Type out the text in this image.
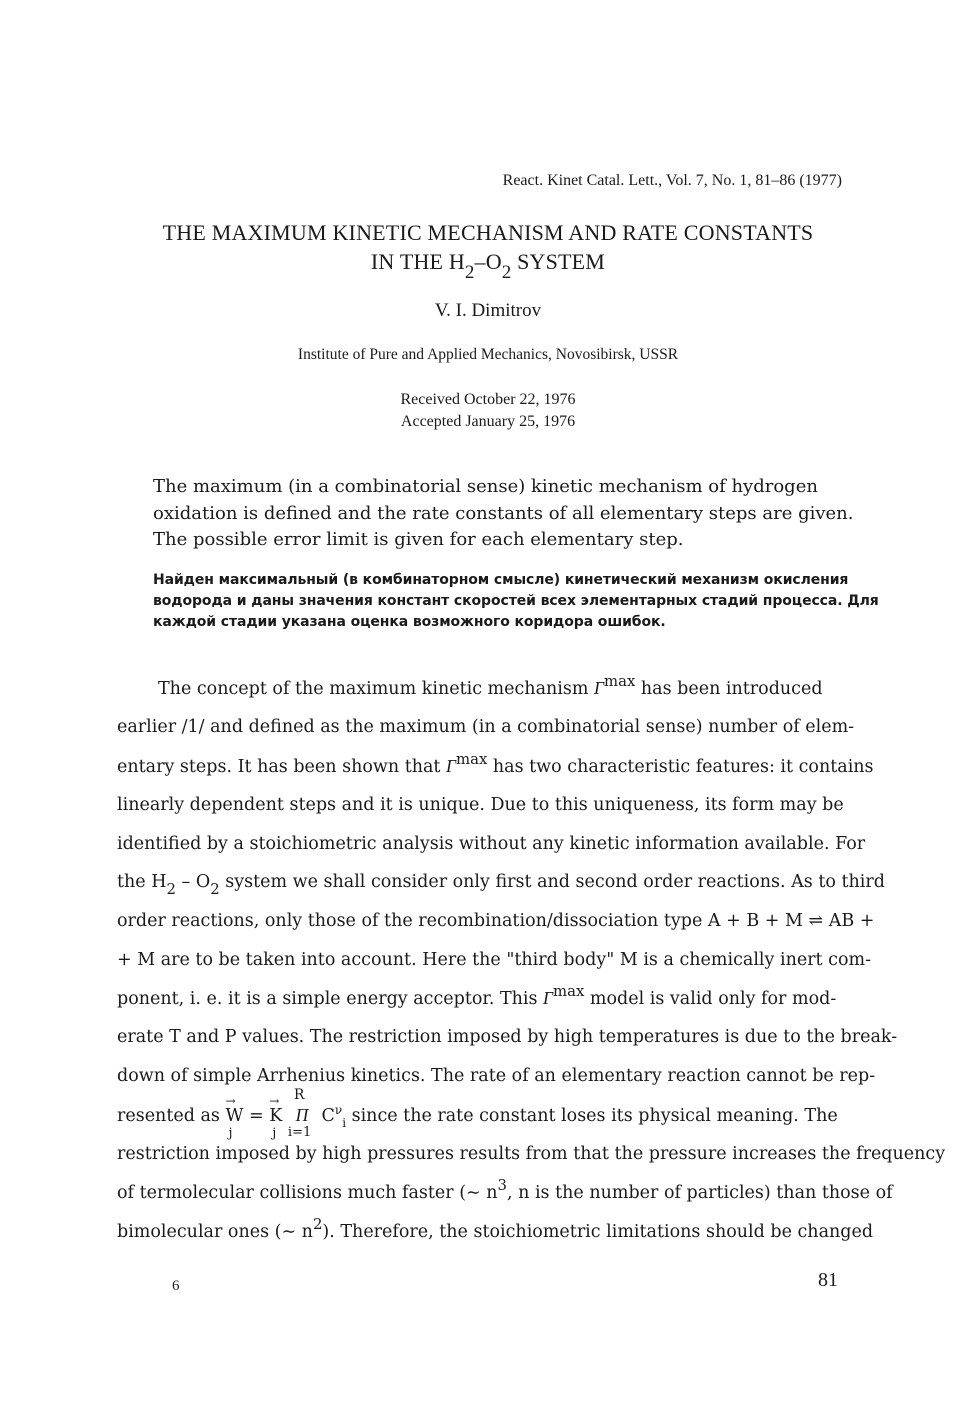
React. Kinet Catal. Lett., Vol. 7, No. 1, 81–86 (1977)
THE MAXIMUM KINETIC MECHANISM AND RATE CONSTANTS
IN THE $H_2-O_2$ SYSTEM
V. I. Dimitrov
Institute of Pure and Applied Mechanics, Novosibirsk, USSR
Received October 22, 1976
Accepted January 25, 1976
The maximum (in a combinatorial sense) kinetic mechanism of hydrogen
oxidation is defined and the rate constants of all elementary steps are given.
The possible error limit is given for each elementary step.
Найден максимальный (в комбинаторном смысле) кинетический механизм окисления
водорода и даны значения констант скоростей всех элементарных стадий процесса. Для
каждой стадии указана оценка возможного коридора ошибок.
The concept of the maximum kinetic mechanism $\Gamma^{max}$ has been introduced
earlier /1/ and defined as the maximum (in a combinatorial sense) number of elem-
entary steps. It has been shown that $\Gamma^{max}$ has two characteristic features: it contains
linearly dependent steps and it is unique. Due to this uniqueness, its form may be
identified by a stoichiometric analysis without any kinetic information available. For
the $H_2 - O_2$ system we shall consider only first and second order reactions. As to third
order reactions, only those of the recombination/dissociation type A + B + M ⇌ AB +
+ M are to be taken into account. Here the "third body" M is a chemically inert com-
ponent, i. e. it is a simple energy acceptor. This $\Gamma^{max}$ model is valid only for mod-
erate T and P values. The restriction imposed by high temperatures is due to the break-
down of simple Arrhenius kinetics. The rate of an elementary reaction cannot be rep-
resented as → W
j
= → K
j

R
Π
i=1
$C^\nu_i$ since the rate constant loses its physical meaning. The
restriction imposed by high pressures results from that the pressure increases the frequency
of termolecular collisions much faster (∼ $n^3$, n is the number of particles) than those of
bimolecular ones (∼ $n^2$). Therefore, the stoichiometric limitations should be changed
6	81
